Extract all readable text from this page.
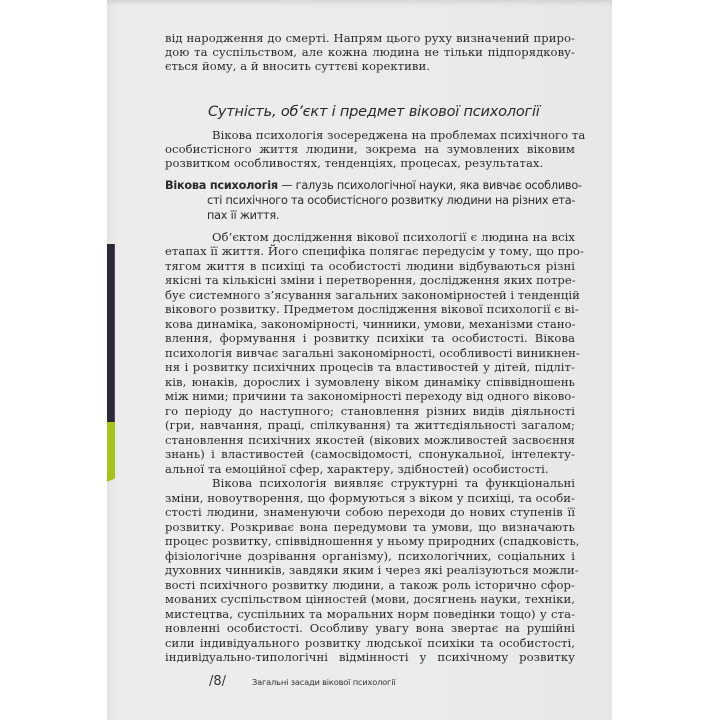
від народження до смерті. Напрям цього руху визначений приро-
дою та суспільством, але кожна людина не тільки підпорядкову-
ється йому, а й вносить суттєві корективи.
Сутність, об’єкт і предмет вікової психології
Вікова психологія зосереджена на проблемах психічного та
особистісного життя людини, зокрема на зумовлених віковим
розвитком особливостях, тенденціях, процесах, результатах.
Вікова психологія — галузь психологічної науки, яка вивчає особливо-
сті психічного та особистісного розвитку людини на різних ета-
пах її життя.
Об’єктом дослідження вікової психології є людина на всіх
етапах її життя. Його специфіка полягає передусім у тому, що про-
тягом життя в психіці та особистості людини відбуваються різні
якісні та кількісні зміни і перетворення, дослідження яких потре-
бує системного з’ясування загальних закономірностей і тенденцій
вікового розвитку. Предметом дослідження вікової психології є ві-
кова динаміка, закономірності, чинники, умови, механізми стано-
влення, формування і розвитку психіки та особистості. Вікова
психологія вивчає загальні закономірності, особливості виникнен-
ня і розвитку психічних процесів та властивостей у дітей, підліт-
ків, юнаків, дорослих і зумовлену віком динаміку співвідношень
між ними; причини та закономірності переходу від одного віково-
го періоду до наступного; становлення різних видів діяльності
(гри, навчання, праці, спілкування) та життєдіяльності загалом;
становлення психічних якостей (вікових можливостей засвоєння
знань) і властивостей (самосвідомості, спонукальної, інтелекту-
альної та емоційної сфер, характеру, здібностей) особистості.
Вікова психологія виявляє структурні та функціональні
зміни, новоутворення, що формуються з віком у психіці, та особи-
стості людини, знаменуючи собою переходи до нових ступенів її
розвитку. Розкриває вона передумови та умови, що визначають
процес розвитку, співвідношення у ньому природних (спадковість,
фізіологічне дозрівання організму), психологічних, соціальних і
духовних чинників, завдяки яким і через які реалізуються можли-
вості психічного розвитку людини, а також роль історично сфор-
мованих суспільством цінностей (мови, досягнень науки, техніки,
мистецтва, суспільних та моральних норм поведінки тощо) у ста-
новленні особистості. Особливу увагу вона звертає на рушійні
сили індивідуального розвитку людської психіки та особистості,
індивідуально-типологічні відмінності у психічному розвитку
/8/	Загальні засади вікової психології
